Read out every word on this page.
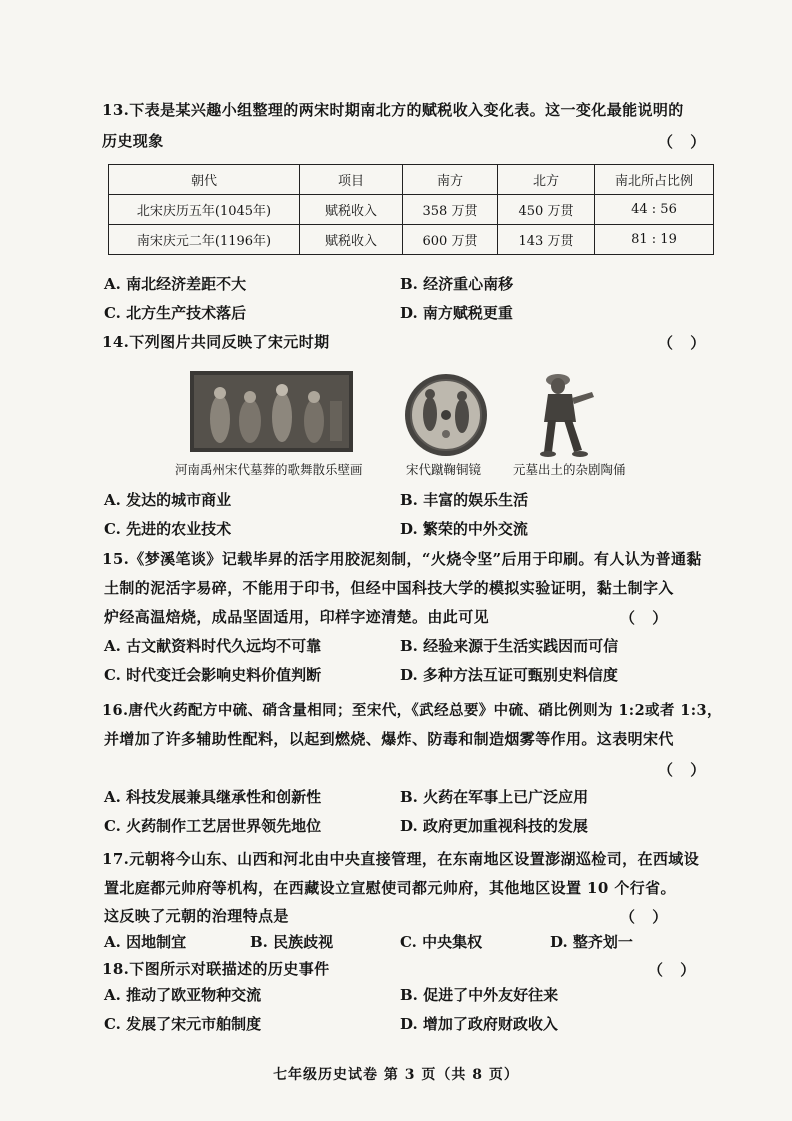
13.下表是某兴趣小组整理的两宋时期南北方的赋税收入变化表。这一变化最能说明的
历史现象	（ ）
朝代	项目	南方	北方	南北所占比例
北宋庆历五年(1045年)	赋税收入	358 万贯	450 万贯	44 : 56
南宋庆元二年(1196年)	赋税收入	600 万贯	143 万贯	81 : 19
A. 南北经济差距不大	B. 经济重心南移
C. 北方生产技术落后	D. 南方赋税更重
14.下列图片共同反映了宋元时期	（ ）
河南禹州宋代墓葬的歌舞散乐壁画	宋代蹴鞠铜镜	元墓出土的杂剧陶俑
A. 发达的城市商业	B. 丰富的娱乐生活
C. 先进的农业技术	D. 繁荣的中外交流
15.《梦溪笔谈》记载毕昇的活字用胶泥刻制，“火烧令坚”后用于印刷。有人认为普通黏
土制的泥活字易碎，不能用于印书，但经中国科技大学的模拟实验证明，黏土制字入
炉经高温焙烧，成品坚固适用，印样字迹清楚。由此可见	（ ）
A. 古文献资料时代久远均不可靠	B. 经验来源于生活实践因而可信
C. 时代变迁会影响史料价值判断	D. 多种方法互证可甄别史料信度
16.唐代火药配方中硫、硝含量相同；至宋代，《武经总要》中硫、硝比例则为 1:2或者 1:3，
并增加了许多辅助性配料，以起到燃烧、爆炸、防毒和制造烟雾等作用。这表明宋代
（ ）
A. 科技发展兼具继承性和创新性	B. 火药在军事上已广泛应用
C. 火药制作工艺居世界领先地位	D. 政府更加重视科技的发展
17.元朝将今山东、山西和河北由中央直接管理，在东南地区设置澎湖巡检司，在西域设
置北庭都元帅府等机构，在西藏设立宣慰使司都元帅府，其他地区设置 10 个行省。
这反映了元朝的治理特点是	（ ）
A. 因地制宜	B. 民族歧视	C. 中央集权	D. 整齐划一
18.下图所示对联描述的历史事件	（ ）
A. 推动了欧亚物种交流	B. 促进了中外友好往来
C. 发展了宋元市舶制度	D. 增加了政府财政收入
七年级历史试卷 第 3 页（共 8 页）
